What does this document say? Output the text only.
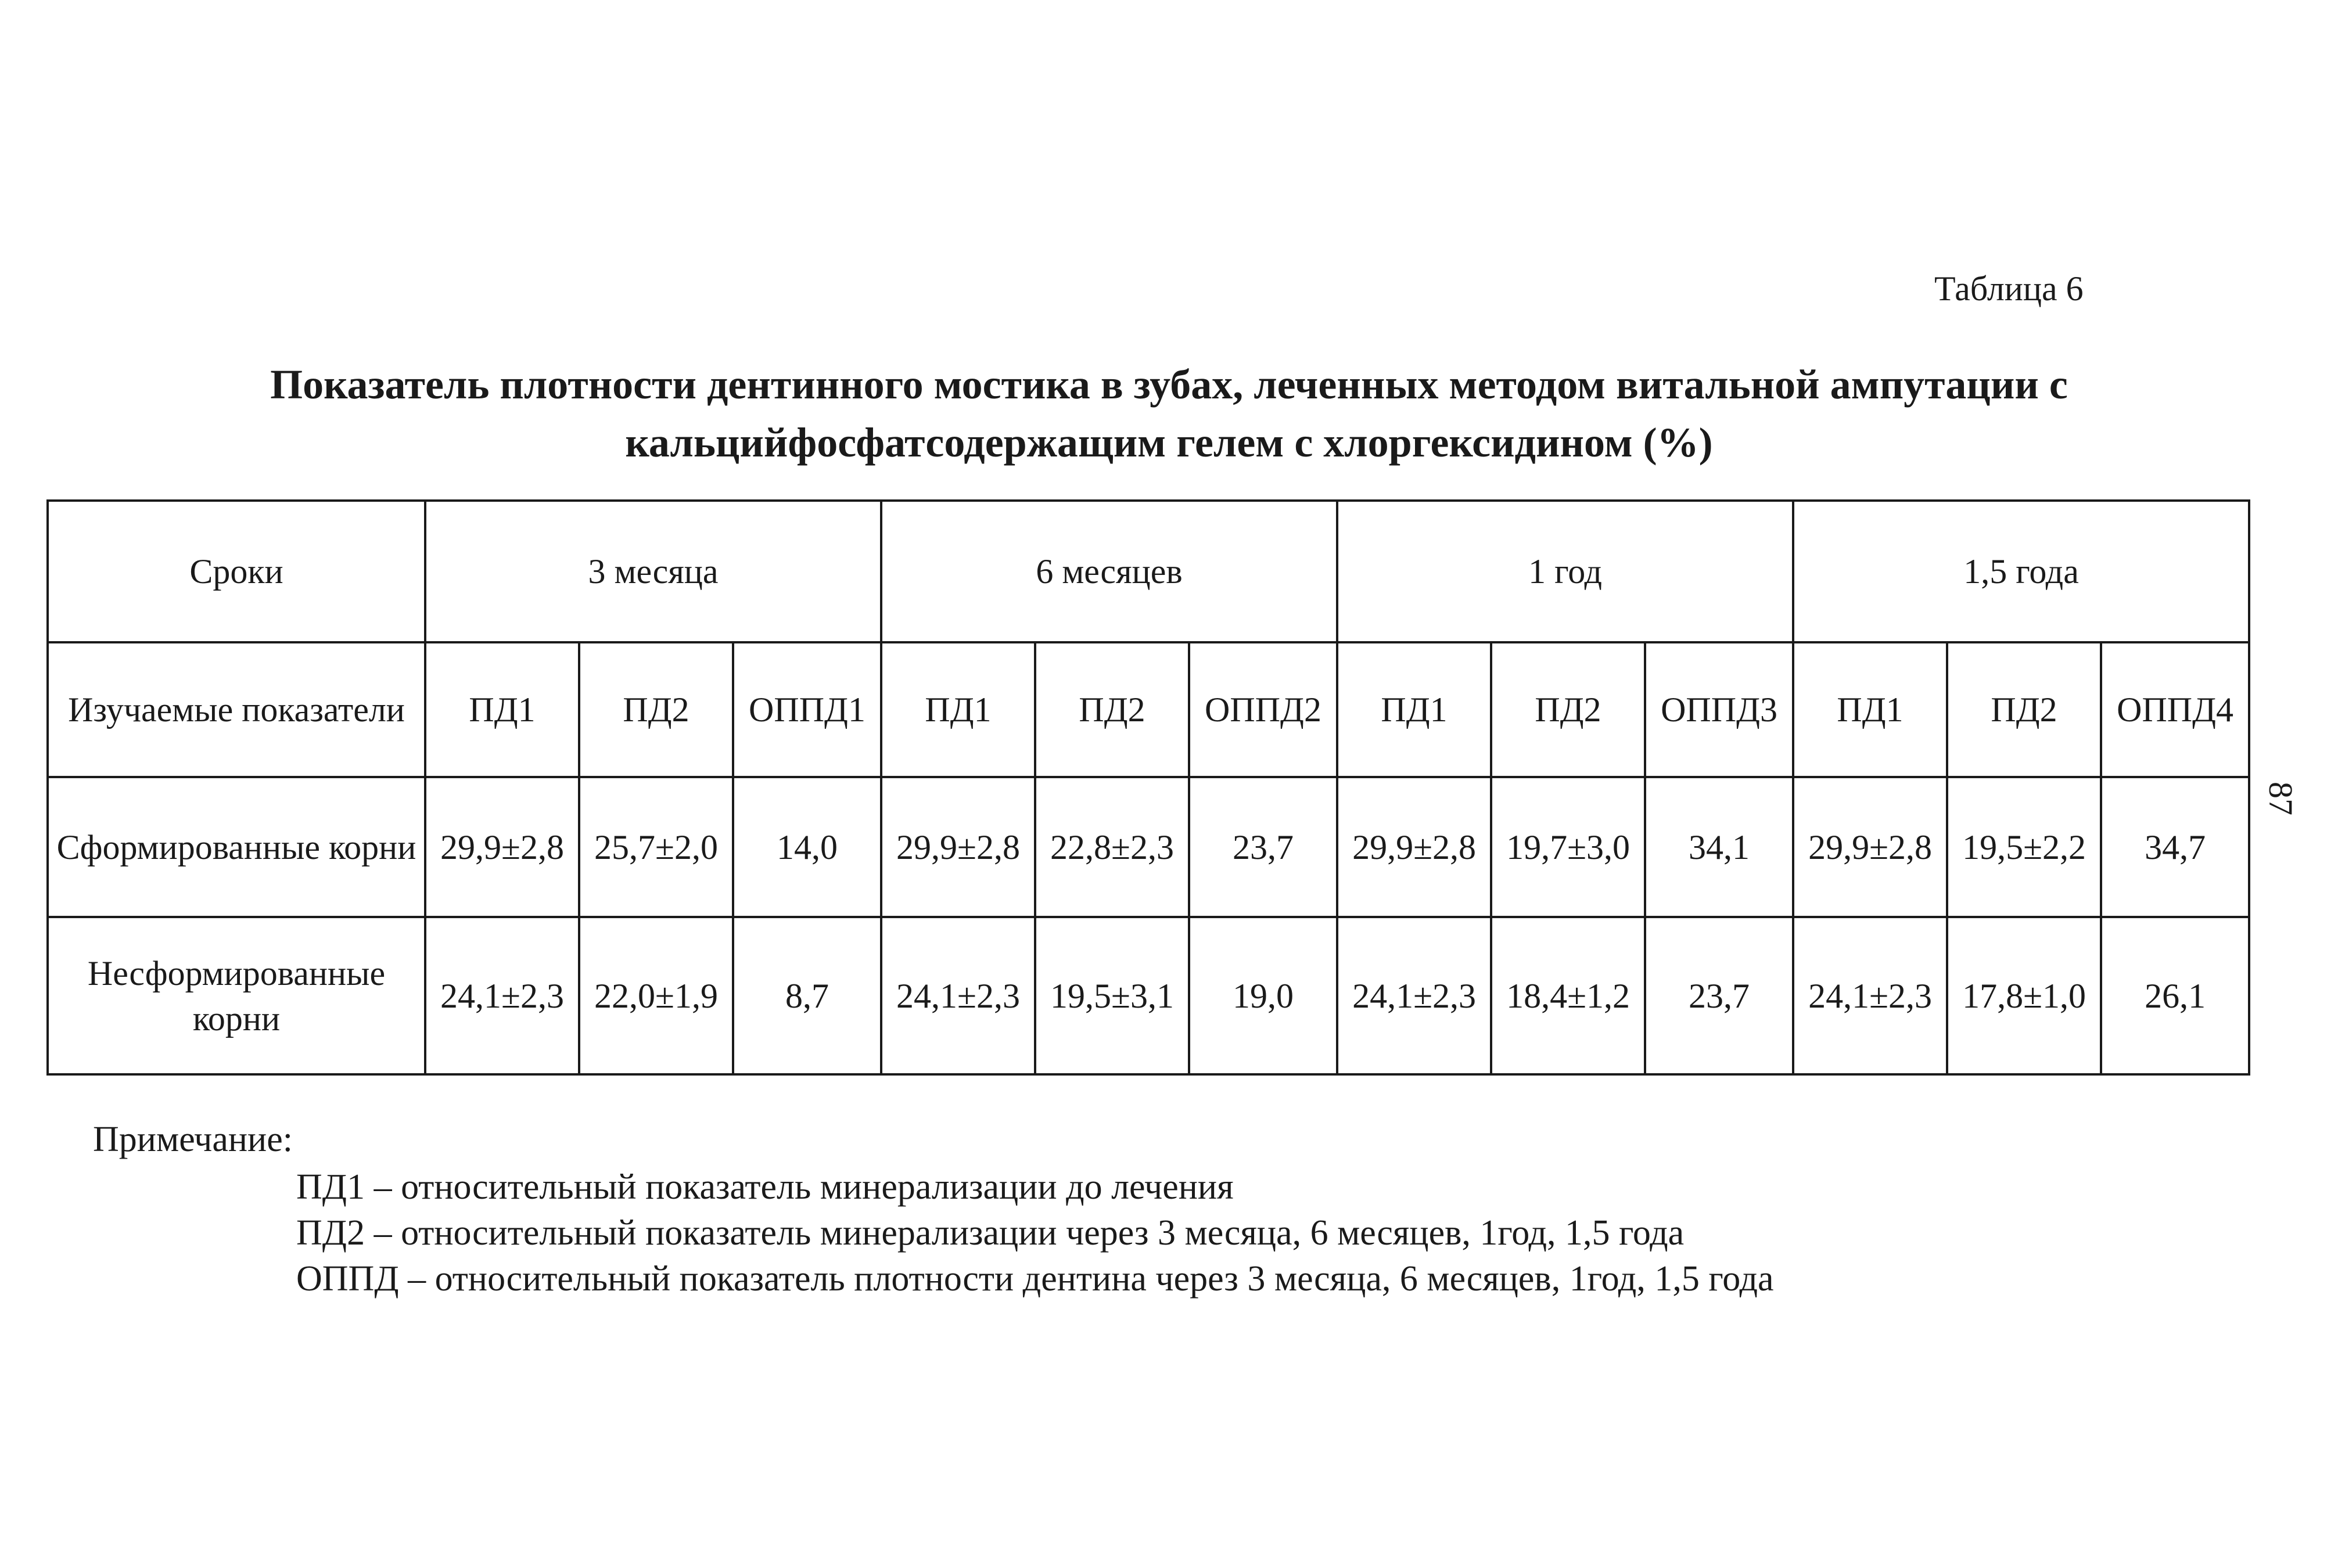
Таблица 6
Показатель плотности дентинного мостика в зубах, леченных методом витальной ампутации с
кальцийфосфатсодержащим гелем с хлоргексидином (%)
Сроки	3 месяца			6 месяцев			1 год			1,5 года		
Изучаемые показатели	ПД1	ПД2	ОППД1	ПД1	ПД2	ОППД2	ПД1	ПД2	ОППД3	ПД1	ПД2	ОППД4
Сформированные корни	29,9±2,8	25,7±2,0	14,0	29,9±2,8	22,8±2,3	23,7	29,9±2,8	19,7±3,0	34,1	29,9±2,8	19,5±2,2	34,7
Несформированные корни	24,1±2,3	22,0±1,9	8,7	24,1±2,3	19,5±3,1	19,0	24,1±2,3	18,4±1,2	23,7	24,1±2,3	17,8±1,0	26,1
87
Примечание:
ПД1 – относительный показатель минерализации до лечения
ПД2 – относительный показатель минерализации через 3 месяца, 6 месяцев, 1год, 1,5 года
ОППД – относительный показатель плотности дентина через 3 месяца, 6 месяцев, 1год, 1,5 года
